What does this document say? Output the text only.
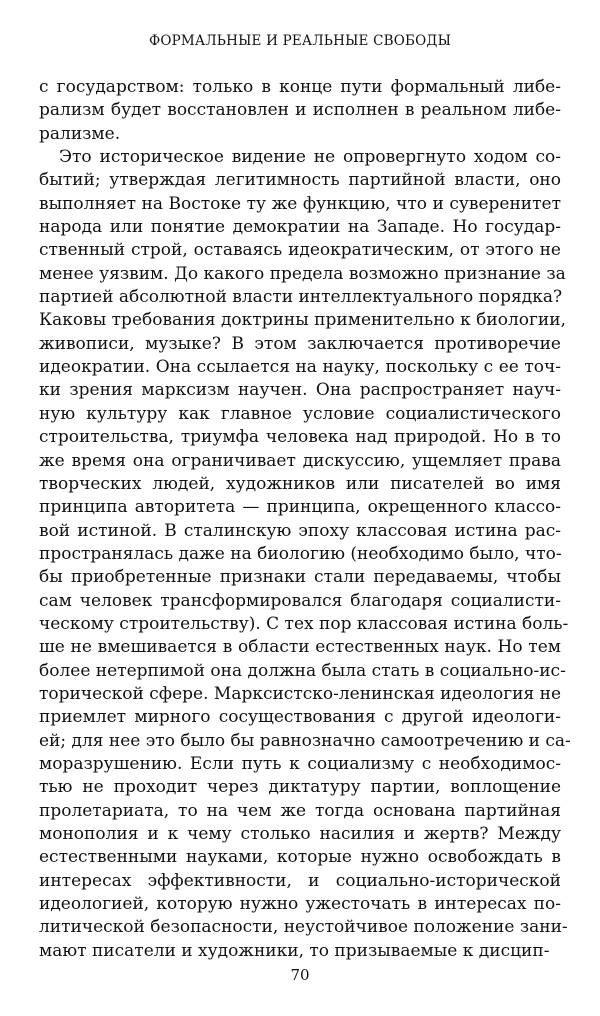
ФОРМАЛЬНЫЕ И РЕАЛЬНЫЕ СВОБОДЫ
с государством: только в конце пути формальный либе-
рализм будет восстановлен и исполнен в реальном либе-
рализме.
Это историческое видение не опровергнуто ходом со-
бытий; утверждая легитимность партийной власти, оно
выполняет на Востоке ту же функцию, что и суверенитет
народа или понятие демократии на Западе. Но государ-
ственный строй, оставаясь идеократическим, от этого не
менее уязвим. До какого предела возможно признание за
партией абсолютной власти интеллектуального порядка?
Каковы требования доктрины применительно к биологии,
живописи, музыке? В этом заключается противоречие
идеократии. Она ссылается на науку, поскольку с ее точ-
ки зрения марксизм научен. Она распространяет науч-
ную культуру как главное условие социалистического
строительства, триумфа человека над природой. Но в то
же время она ограничивает дискуссию, ущемляет права
творческих людей, художников или писателей во имя
принципа авторитета — принципа, окрещенного классо-
вой истиной. В сталинскую эпоху классовая истина рас-
пространялась даже на биологию (необходимо было, что-
бы приобретенные признаки стали передаваемы, чтобы
сам человек трансформировался благодаря социалисти-
ческому строительству). С тех пор классовая истина боль-
ше не вмешивается в области естественных наук. Но тем
более нетерпимой она должна была стать в социально-ис-
торической сфере. Марксистско-ленинская идеология не
приемлет мирного сосуществования с другой идеологи-
ей; для нее это было бы равнозначно самоотречению и са-
моразрушению. Если путь к социализму с необходимос-
тью не проходит через диктатуру партии, воплощение
пролетариата, то на чем же тогда основана партийная
монополия и к чему столько насилия и жертв? Между
естественными науками, которые нужно освобождать в
интересах эффективности, и социально-исторической
идеологией, которую нужно ужесточать в интересах по-
литической безопасности, неустойчивое положение зани-
мают писатели и художники, то призываемые к дисцип-
70
